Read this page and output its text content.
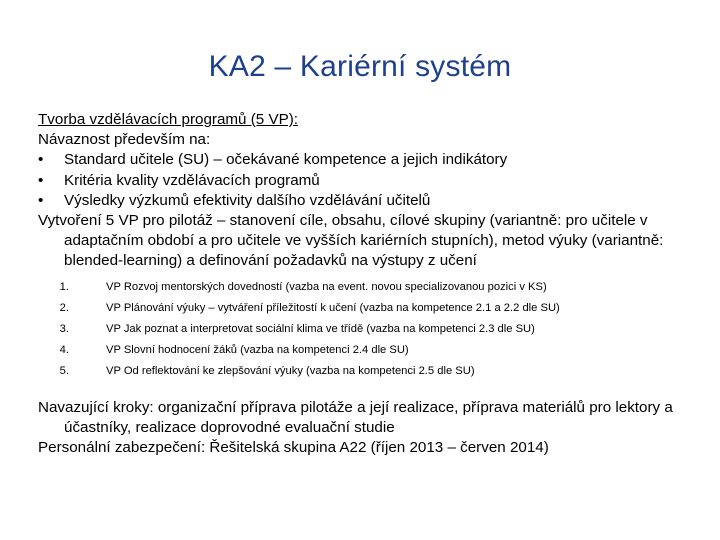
KA2 – Kariérní systém
Tvorba vzdělávacích programů (5 VP):
Návaznost především na:
•	Standard učitele (SU) – očekávané kompetence a jejich indikátory
•	Kritéria kvality vzdělávacích programů
•	Výsledky výzkumů efektivity dalšího vzdělávání učitelů
Vytvoření 5 VP pro pilotáž – stanovení cíle, obsahu, cílové skupiny (variantně: pro učitele v adaptačním období a pro učitele ve vyšších kariérních stupních), metod výuky (variantně: blended-learning) a definování požadavků na výstupy z učení
1.	VP Rozvoj mentorských dovedností (vazba na event. novou specializovanou pozici v KS)
2.	VP Plánování výuky – vytváření příležitostí k učení (vazba na kompetence 2.1 a 2.2 dle SU)
3.	VP Jak poznat a interpretovat sociální klima ve třídě (vazba na kompetenci 2.3 dle SU)
4.	VP Slovní hodnocení žáků (vazba na kompetenci 2.4 dle SU)
5.	VP Od reflektování ke zlepšování výuky (vazba na kompetenci 2.5 dle SU)
Navazující kroky: organizační příprava pilotáže a její realizace, příprava materiálů pro lektory a účastníky, realizace doprovodné evaluační studie
Personální zabezpečení: Řešitelská skupina A22 (říjen 2013 – červen 2014)
